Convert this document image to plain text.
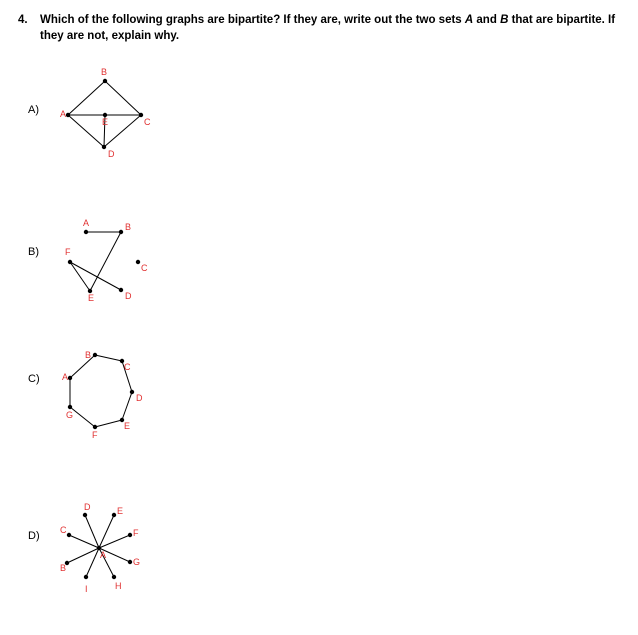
4. Which of the following graphs are bipartite? If they are, write out the two sets A and B that are bipartite. If they are not, explain why.
A)
B)
C)
D)
A
B
C
D
E
A	B
C
D
E
F
A
B
C
D
E
F
G
A
B
C
D	E
F
G
H
I
